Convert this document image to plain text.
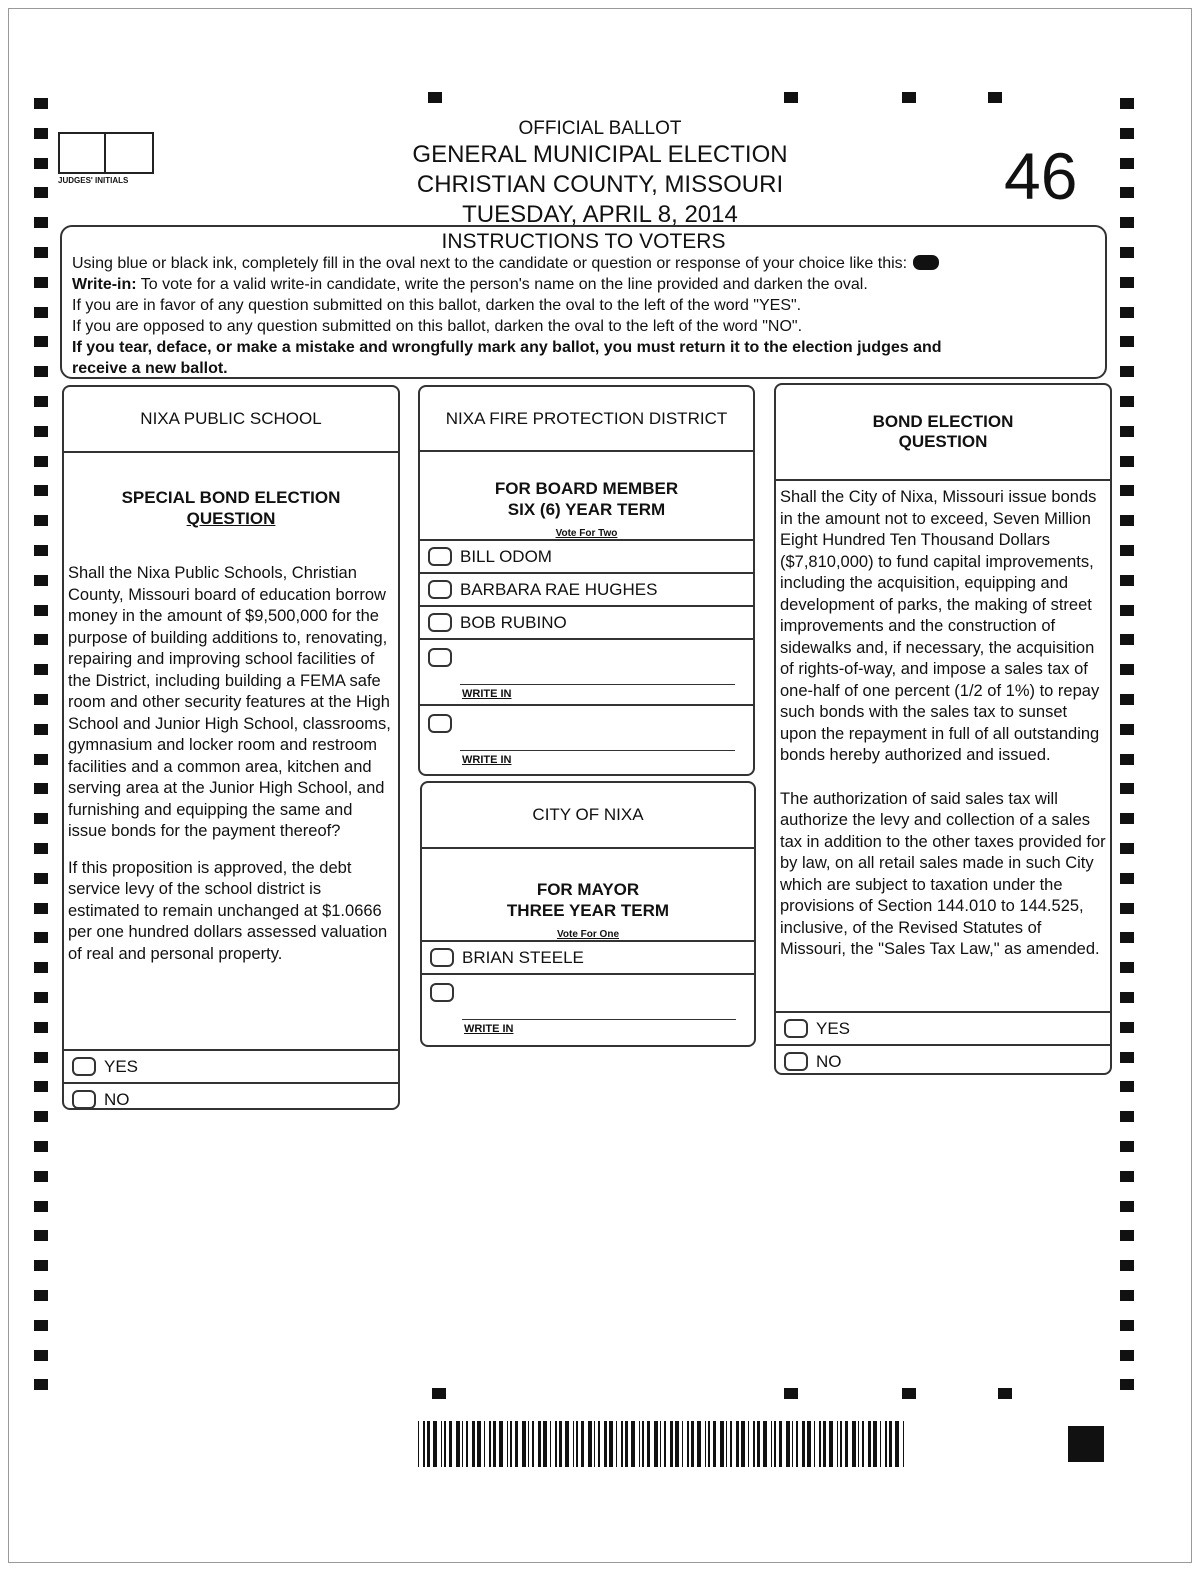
JUDGES' INITIALS
OFFICIAL BALLOT
GENERAL MUNICIPAL ELECTION
CHRISTIAN COUNTY, MISSOURI
TUESDAY, APRIL 8, 2014
46
INSTRUCTIONS TO VOTERS
Using blue or black ink, completely fill in the oval next to the candidate or question or response of your choice like this:
Write-in: To vote for a valid write-in candidate, write the person's name on the line provided and darken the oval.
If you are in favor of any question submitted on this ballot, darken the oval to the left of the word "YES".
If you are opposed to any question submitted on this ballot, darken the oval to the left of the word "NO".
If you tear, deface, or make a mistake and wrongfully mark any ballot, you must return it to the election judges and
receive a new ballot.
NIXA PUBLIC SCHOOL
SPECIAL BOND ELECTION
QUESTION
Shall the Nixa Public Schools, Christian County, Missouri board of education borrow money in the amount of $9,500,000 for the purpose of building additions to, renovating, repairing and improving school facilities of the District, including building a FEMA safe room and other security features at the High School and Junior High School, classrooms, gymnasium and locker room and restroom facilities and a common area, kitchen and serving area at the Junior High School, and furnishing and equipping the same and issue bonds for the payment thereof?
If this proposition is approved, the debt service levy of the school district is estimated to remain unchanged at $1.0666 per one hundred dollars assessed valuation of real and personal property.
YES
NO
NIXA FIRE PROTECTION DISTRICT
FOR BOARD MEMBER
SIX (6) YEAR TERM
Vote For Two
BILL ODOM
BARBARA RAE HUGHES
BOB RUBINO
WRITE IN
WRITE IN
CITY OF NIXA
FOR MAYOR
THREE YEAR TERM
Vote For One
BRIAN STEELE
WRITE IN
BOND ELECTION
QUESTION
Shall the City of Nixa, Missouri issue bonds in the amount not to exceed, Seven Million Eight Hundred Ten Thousand Dollars ($7,810,000) to fund capital improvements, including the acquisition, equipping and development of parks, the making of street improvements and the construction of sidewalks and, if necessary, the acquisition of rights-of-way, and impose a sales tax of one-half of one percent (1/2 of 1%) to repay such bonds with the sales tax to sunset upon the repayment in full of all outstanding bonds hereby authorized and issued.
The authorization of said sales tax will authorize the levy and collection of a sales tax in addition to the other taxes provided for by law, on all retail sales made in such City which are subject to taxation under the provisions of Section 144.010 to 144.525, inclusive, of the Revised Statutes of Missouri, the "Sales Tax Law," as amended.
YES
NO
